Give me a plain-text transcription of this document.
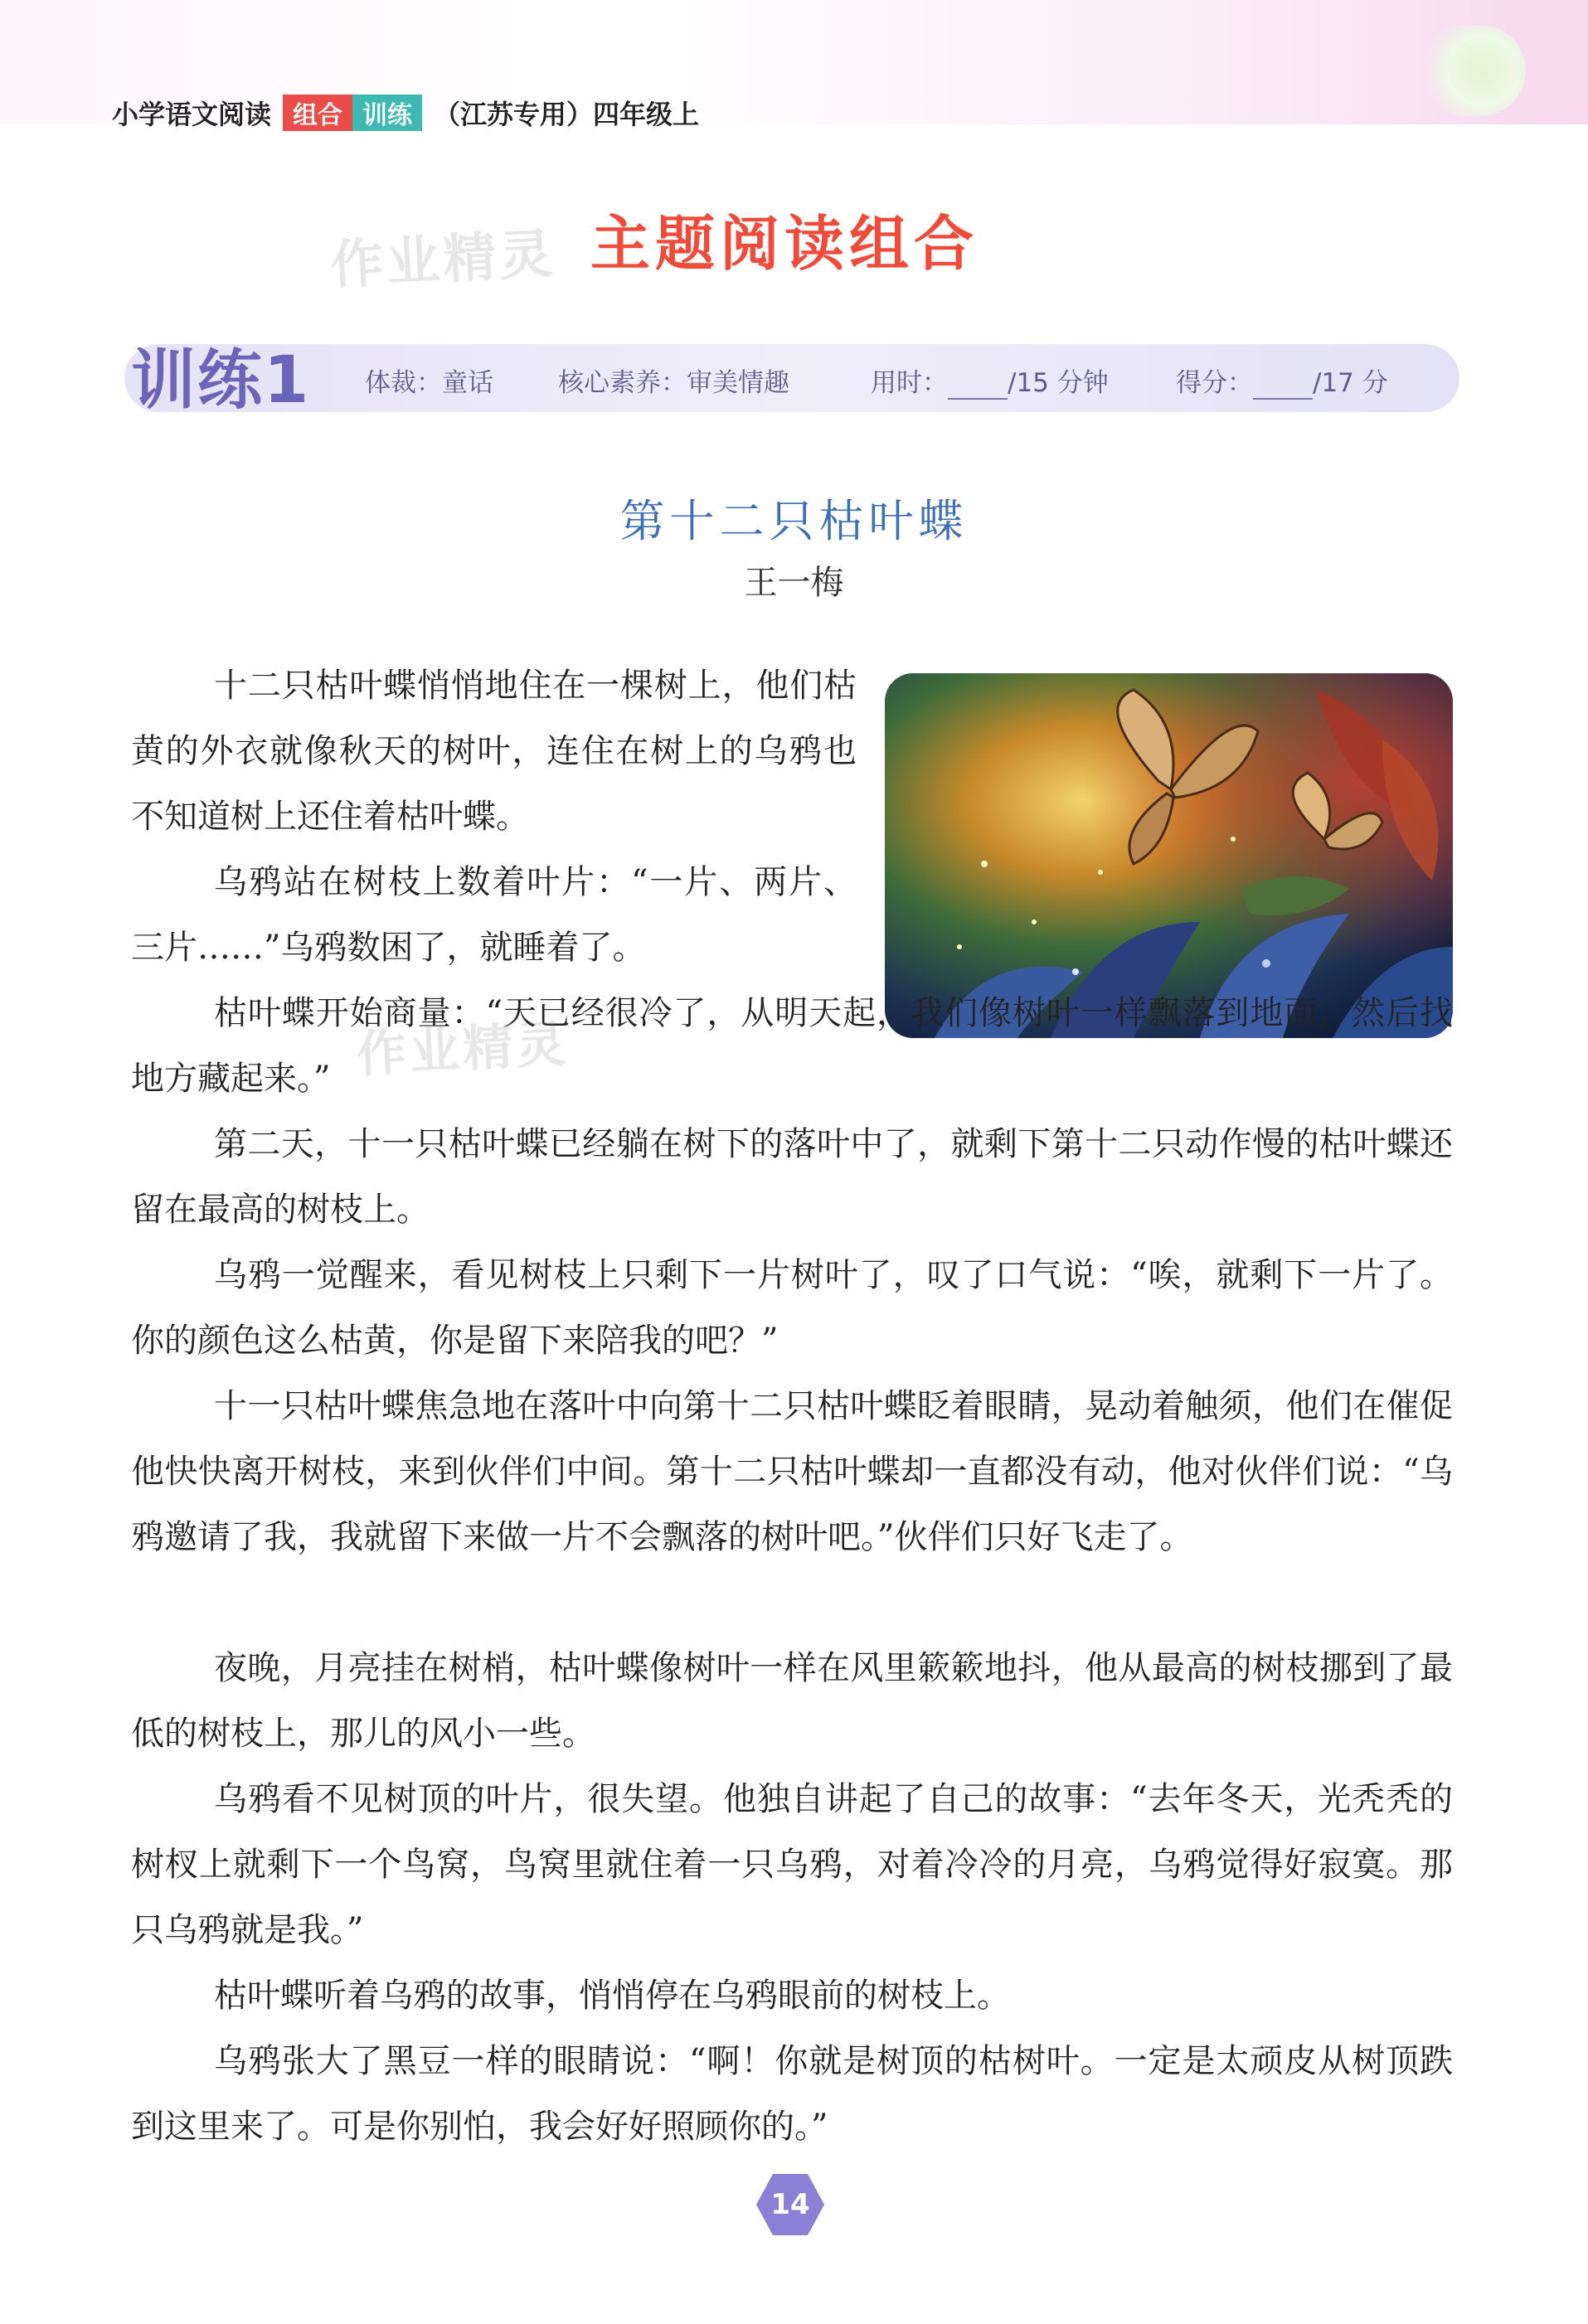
小学语文阅读 组合 训练 （江苏专用）四年级上
作业精灵 主题阅读组合
训练1 体裁：童话	核心素养：审美情趣	用时： /15 分钟	得分： /17 分
第十二只枯叶蝶
王一梅

十二只枯叶蝶悄悄地住在一棵树上，他们枯黄的外衣就像秋天的树叶，连住在树上的乌鸦也不知道树上还住着枯叶蝶。

乌鸦站在树枝上数着叶片：“一片、两片、三片……”乌鸦数困了，就睡着了。

枯叶蝶开始商量：“天已经很冷了，从明天起，我们像树叶一样飘落到地面，然后找地方藏起来。”

第二天，十一只枯叶蝶已经躺在树下的落叶中了，就剩下第十二只动作慢的枯叶蝶还留在最高的树枝上。

乌鸦一觉醒来，看见树枝上只剩下一片树叶了，叹了口气说：“唉，就剩下一片了。你的颜色这么枯黄，你是留下来陪我的吧？”

十一只枯叶蝶焦急地在落叶中向第十二只枯叶蝶眨着眼睛，晃动着触须，他们在催促他快快离开树枝，来到伙伴们中间。第十二只枯叶蝶却一直都没有动，他对伙伴们说：“乌鸦邀请了我，我就留下来做一片不会飘落的树叶吧。”伙伴们只好飞走了。

夜晚，月亮挂在树梢，枯叶蝶像树叶一样在风里簌簌地抖，他从最高的树枝挪到了最低的树枝上，那儿的风小一些。

乌鸦看不见树顶的叶片，很失望。他独自讲起了自己的故事：“去年冬天，光秃秃的树杈上就剩下一个鸟窝，鸟窝里就住着一只乌鸦，对着冷冷的月亮，乌鸦觉得好寂寞。那只乌鸦就是我。”

枯叶蝶听着乌鸦的故事，悄悄停在乌鸦眼前的树枝上。

乌鸦张大了黑豆一样的眼睛说：“啊！你就是树顶的枯树叶。一定是太顽皮从树顶跌到这里来了。可是你别怕，我会好好照顾你的。”

作业精灵
14
